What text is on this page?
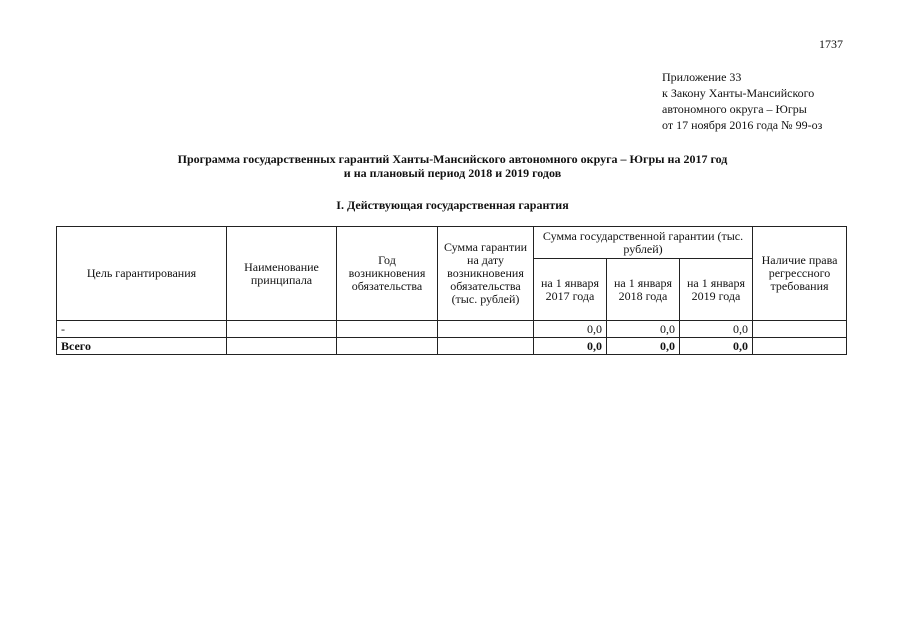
1737
Приложение 33
к Закону Ханты-Мансийского
автономного округа – Югры
от 17 ноября 2016 года № 99-оз
Программа государственных гарантий Ханты-Мансийского автономного округа – Югры на 2017 год
и на плановый период 2018 и 2019 годов
I. Действующая государственная гарантия
Цель гарантирования	Наименование принципала	Год возникновения обязательства	Сумма гарантии на дату возникновения обязательства (тыс. рублей)	Сумма государственной гарантии (тыс. рублей)			Наличие права регрессного требования
				на 1 января 2017 года	на 1 января 2018 года	на 1 января 2019 года	
-				0,0	0,0	0,0	
Всего				0,0	0,0	0,0	
